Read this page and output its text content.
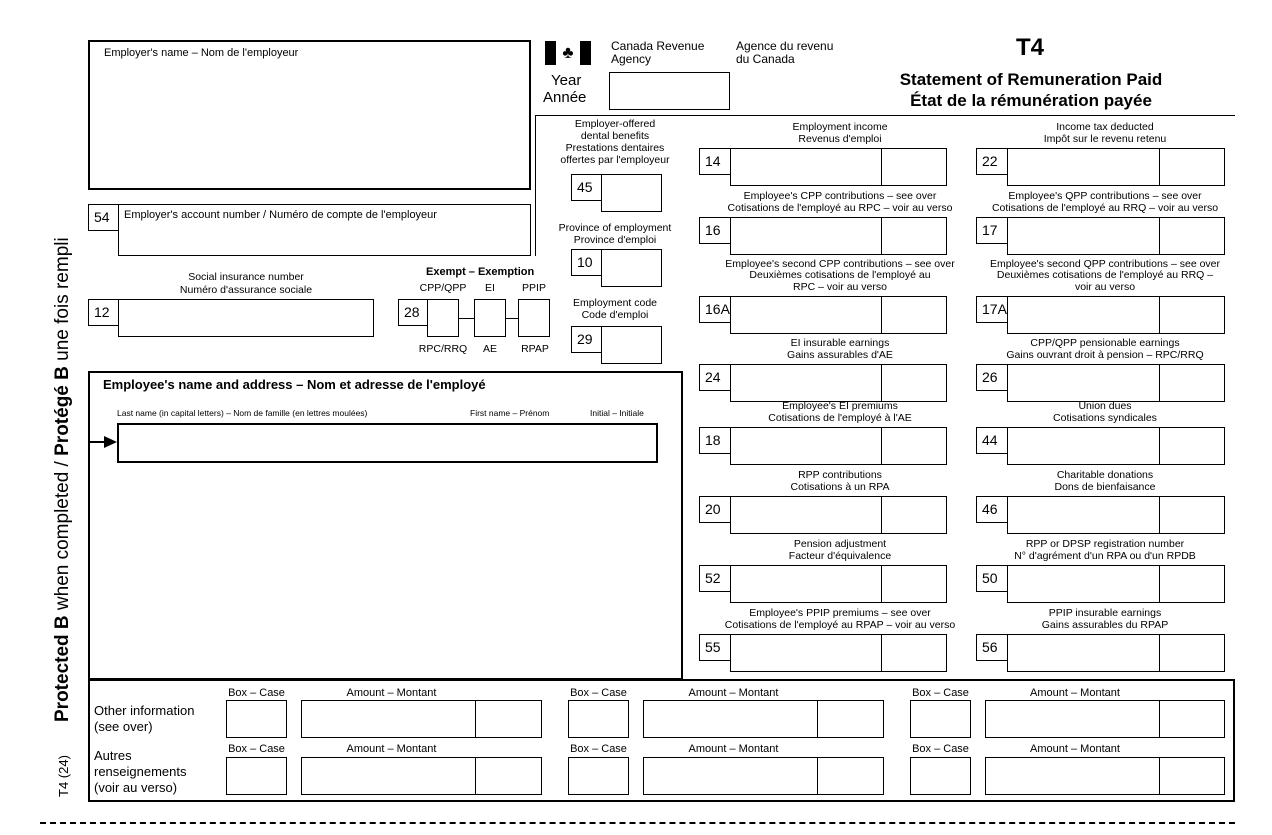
Protected B when completed / Protégé B une fois rempli
T4 (24)
Employer's name – Nom de l'employeur
54 Employer's account number / Numéro de compte de l'employeur
Social insurance number
Numéro d'assurance sociale
12
Exempt – Exemption
CPP/QPP	EI	PPIP
28
RPC/RRQ	AE	RPAP
Employee's name and address – Nom et adresse de l'employé
Last name (in capital letters) – Nom de famille (en lettres moulées)	First name – Prénom	Initial – Initiale
♣
Year
Année
Canada Revenue
Agency
Agence du revenu
du Canada	T4
Statement of Remuneration Paid
État de la rémunération payée
Employer-offered
dental benefits
Prestations dentaires
offertes par l'employeur
45
Province of employment
Province d'emploi
10
Employment code
Code d'emploi
29
Employment income
Revenus d'emploi
14
Income tax deducted
Impôt sur le revenu retenu
22
Employee's CPP contributions – see over
Cotisations de l'employé au RPC – voir au verso
16
Employee's QPP contributions – see over
Cotisations de l'employé au RRQ – voir au verso
17
Employee's second CPP contributions – see over
Deuxièmes cotisations de l'employé au
RPC – voir au verso
16A
Employee's second QPP contributions – see over
Deuxièmes cotisations de l'employé au RRQ –
voir au verso
17A
EI insurable earnings
Gains assurables d'AE
24
CPP/QPP pensionable earnings
Gains ouvrant droit à pension – RPC/RRQ
26
Employee's EI premiums
Cotisations de l'employé à l'AE
18
Union dues
Cotisations syndicales
44
RPP contributions
Cotisations à un RPA
20
Charitable donations
Dons de bienfaisance
46
Pension adjustment
Facteur d'équivalence
52
RPP or DPSP registration number
N° d'agrément d'un RPA ou d'un RPDB
50
Employee's PPIP premiums – see over
Cotisations de l'employé au RPAP – voir au verso
55
PPIP insurable earnings
Gains assurables du RPAP
56
Other information
(see over)
Autres
renseignements
(voir au verso)
Box – Case	Amount – Montant	Box – Case	Amount – Montant	Box – Case	Amount – Montant
Box – Case	Amount – Montant	Box – Case	Amount – Montant	Box – Case	Amount – Montant
